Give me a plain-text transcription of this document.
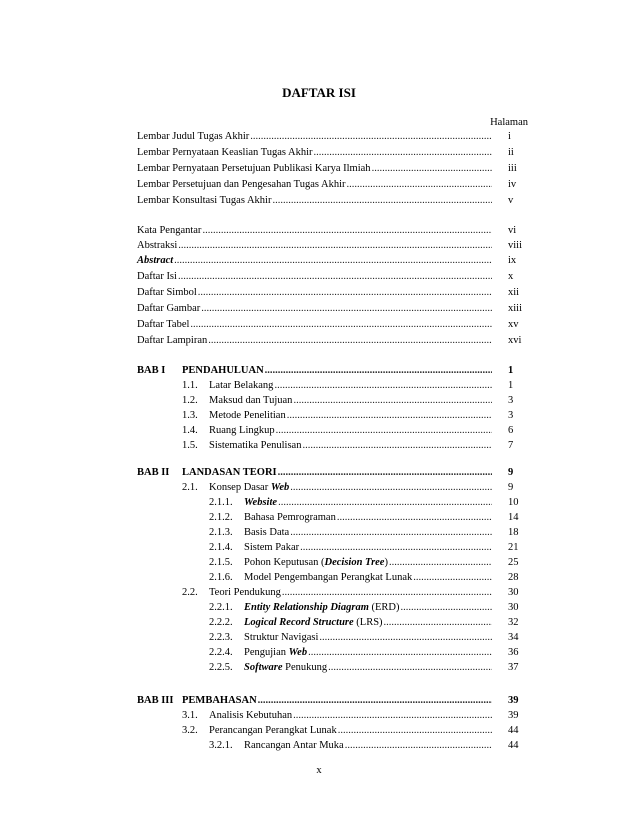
DAFTAR ISI
Halaman
Lembar Judul Tugas Akhir .....	i
Lembar Pernyataan Keaslian Tugas Akhir .....	ii
Lembar Pernyataan Persetujuan Publikasi Karya Ilmiah .....	iii
Lembar Persetujuan dan Pengesahan Tugas Akhir .....	iv
Lembar Konsultasi Tugas Akhir .....	v
Kata Pengantar .....	vi
Abstraksi .....	viii
Abstract .....	ix
Daftar Isi .....	x
Daftar Simbol .....	xii
Daftar Gambar .....	xiii
Daftar Tabel .....	xv
Daftar Lampiran .....	xvi
BAB I	PENDAHULUAN .....	1
1.1.	Latar Belakang .....	1
1.2.	Maksud dan Tujuan .....	3
1.3.	Metode Penelitian .....	3
1.4.	Ruang Lingkup .....	6
1.5.	Sistematika Penulisan .....	7
BAB II	LANDASAN TEORI .....	9
2.1.	Konsep Dasar Web .....	9
2.1.1.	Website .....	10
2.1.2.	Bahasa Pemrograman .....	14
2.1.3.	Basis Data .....	18
2.1.4.	Sistem Pakar .....	21
2.1.5.	Pohon Keputusan (Decision Tree) .....	25
2.1.6.	Model Pengembangan Perangkat Lunak .....	28
2.2.	Teori Pendukung .....	30
2.2.1.	Entity Relationship Diagram (ERD) .....	30
2.2.2.	Logical Record Structure (LRS) .....	32
2.2.3.	Struktur Navigasi .....	34
2.2.4.	Pengujian Web .....	36
2.2.5.	Software Penukung .....	37
BAB III PEMBAHASAN .....	39
3.1.	Analisis Kebutuhan .....	39
3.2.	Perancangan Perangkat Lunak .....	44
3.2.1.	Rancangan Antar Muka .....	44
x
